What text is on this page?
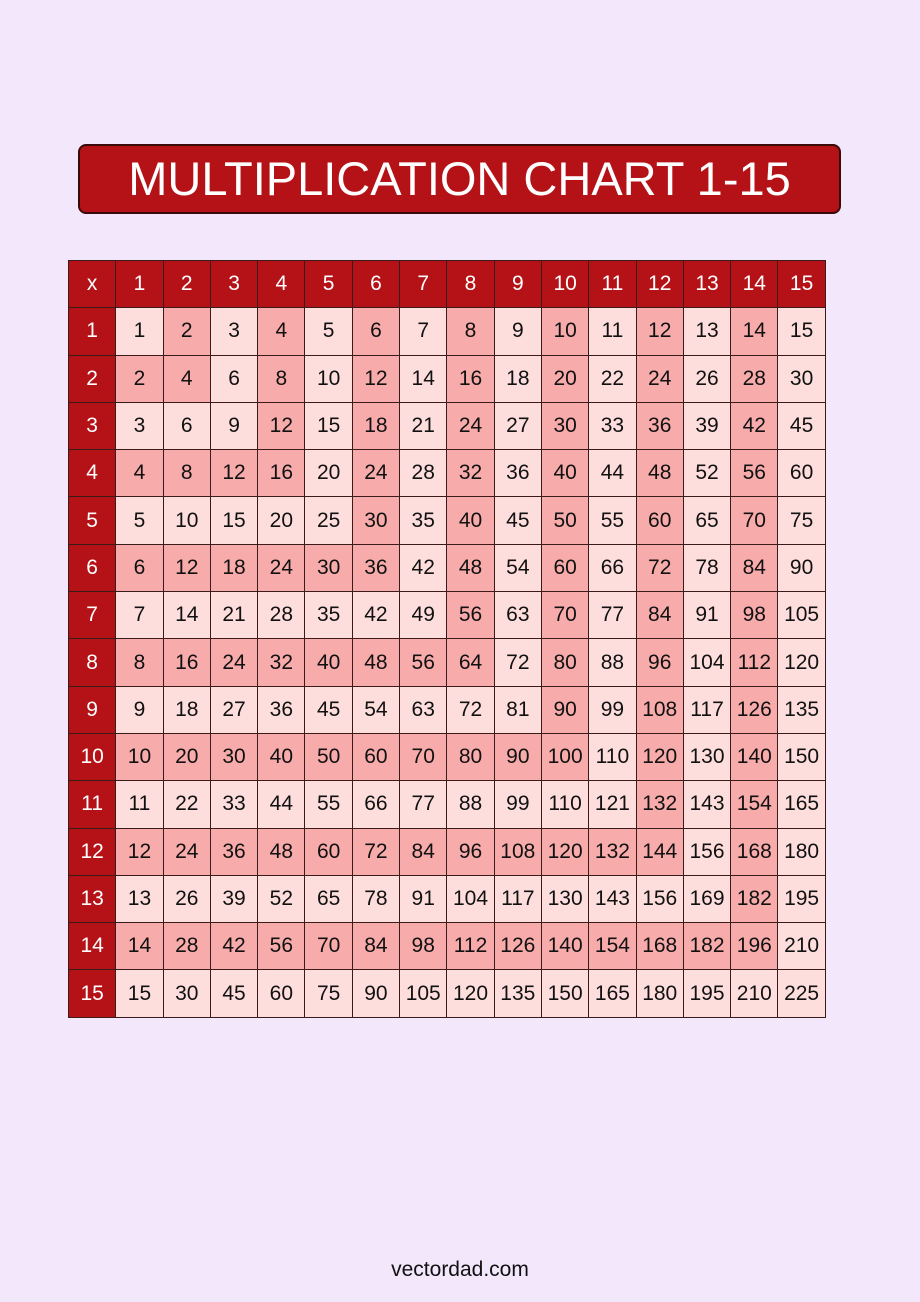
MULTIPLICATION CHART 1-15
x	1	2	3	4	5	6	7	8	9	10	11	12	13	14	15
1	1	2	3	4	5	6	7	8	9	10	11	12	13	14	15
2	2	4	6	8	10	12	14	16	18	20	22	24	26	28	30
3	3	6	9	12	15	18	21	24	27	30	33	36	39	42	45
4	4	8	12	16	20	24	28	32	36	40	44	48	52	56	60
5	5	10	15	20	25	30	35	40	45	50	55	60	65	70	75
6	6	12	18	24	30	36	42	48	54	60	66	72	78	84	90
7	7	14	21	28	35	42	49	56	63	70	77	84	91	98	105
8	8	16	24	32	40	48	56	64	72	80	88	96	104	112	120
9	9	18	27	36	45	54	63	72	81	90	99	108	117	126	135
10	10	20	30	40	50	60	70	80	90	100	110	120	130	140	150
11	11	22	33	44	55	66	77	88	99	110	121	132	143	154	165
12	12	24	36	48	60	72	84	96	108	120	132	144	156	168	180
13	13	26	39	52	65	78	91	104	117	130	143	156	169	182	195
14	14	28	42	56	70	84	98	112	126	140	154	168	182	196	210
15	15	30	45	60	75	90	105	120	135	150	165	180	195	210	225
vectordad.com
